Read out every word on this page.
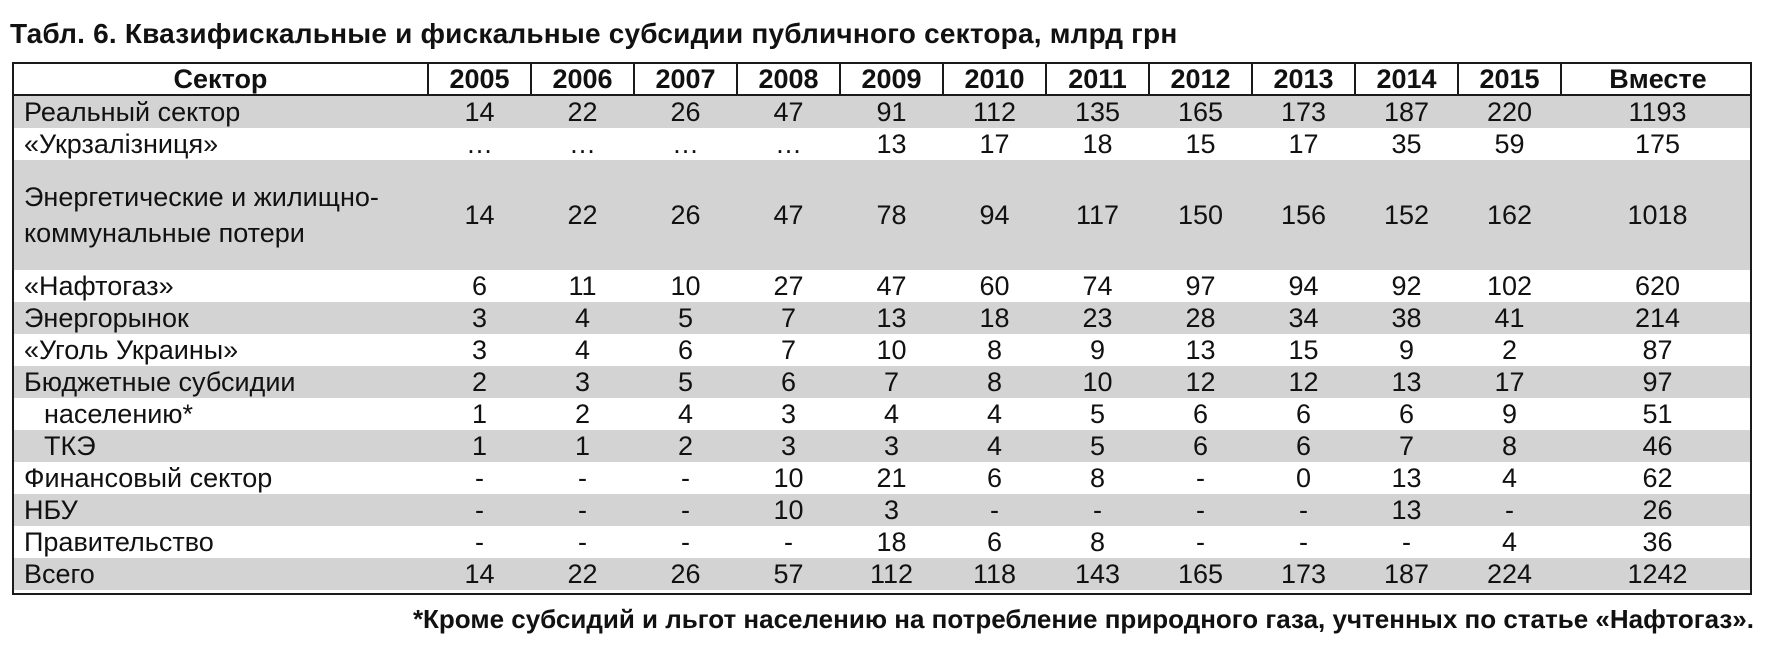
Табл. 6. Квазифискальные и фискальные субсидии публичного сектора, млрд грн
Сектор	2005	2006	2007	2008	2009	2010	2011	2012	2013	2014	2015	Вместе
Реальный сектор	14	22	26	47	91	112	135	165	173	187	220	1193
«Укрзалізниця»	…	…	…	…	13	17	18	15	17	35	59	175
Энергетические и жилищно-коммунальные потери	14	22	26	47	78	94	117	150	156	152	162	1018
«Нафтогаз»	6	11	10	27	47	60	74	97	94	92	102	620
Энергорынок	3	4	5	7	13	18	23	28	34	38	41	214
«Уголь Украины»	3	4	6	7	10	8	9	13	15	9	2	87
Бюджетные субсидии	2	3	5	6	7	8	10	12	12	13	17	97
населению*	1	2	4	3	4	4	5	6	6	6	9	51
ТКЭ	1	1	2	3	3	4	5	6	6	7	8	46
Финансовый сектор	-	-	-	10	21	6	8	-	0	13	4	62
НБУ	-	-	-	10	3	-	-	-	-	13	-	26
Правительство	-	-	-	-	18	6	8	-	-	-	4	36
Всего	14	22	26	57	112	118	143	165	173	187	224	1242
*Кроме субсидий и льгот населению на потребление природного газа, учтенных по статье «Нафтогаз».
